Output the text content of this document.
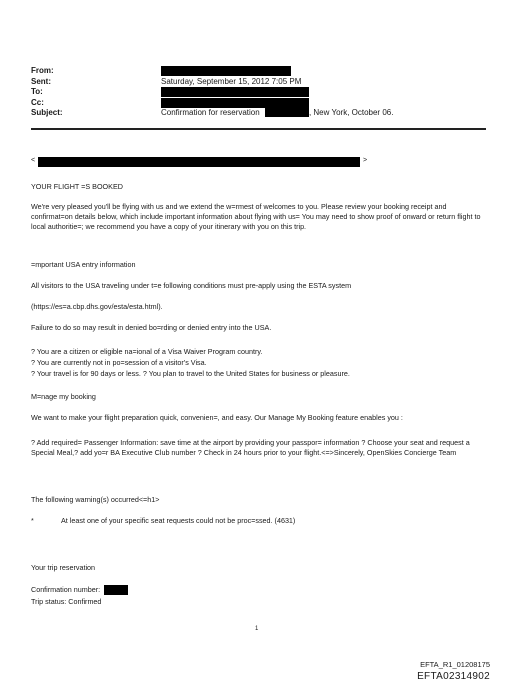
From:
Sent:	Saturday, September 15, 2012 7:05 PM
To:
Cc:
Subject:	Confirmation for reservation	, New York, October 06.
<	>
YOUR FLIGHT =S BOOKED
We're very pleased you'll be flying with us and we extend the w=rmest of welcomes to you. Please review your booking receipt and confirmat=on details below, which include important information about flying with us= You may need to show proof of onward or return flight to local authoritie=; we recommend you have a copy of your itinerary with you on this trip.
=mportant USA entry information
All visitors to the USA traveling under t=e following conditions must pre-apply using the ESTA system
(https://es=a.cbp.dhs.gov/esta/esta.html).
Failure to do so may result in denied bo=rding or denied entry into the USA.
? You are a citizen or eligible na=ional of a Visa Waiver Program country.
? You are currently not in po=session of a visitor's Visa.
? Your travel is for 90 days or less. ? You plan to travel to the United States for business or pleasure.
M=nage my booking
We want to make your flight preparation quick, convenien=, and easy. Our Manage My Booking feature enables you :
? Add required= Passenger Information: save time at the airport by providing your passpor= information ? Choose your seat and request a Special Meal,? add yo=r BA Executive Club number ? Check in 24 hours prior to your flight.<=>Sincerely, OpenSkies Concierge Team
The following warning(s) occurred<=h1>
*	At least one of your specific seat requests could not be proc=ssed. (4631)
Your trip reservation
Confirmation number:
Trip status: Confirmed
1
EFTA_R1_01208175
EFTA02314902
